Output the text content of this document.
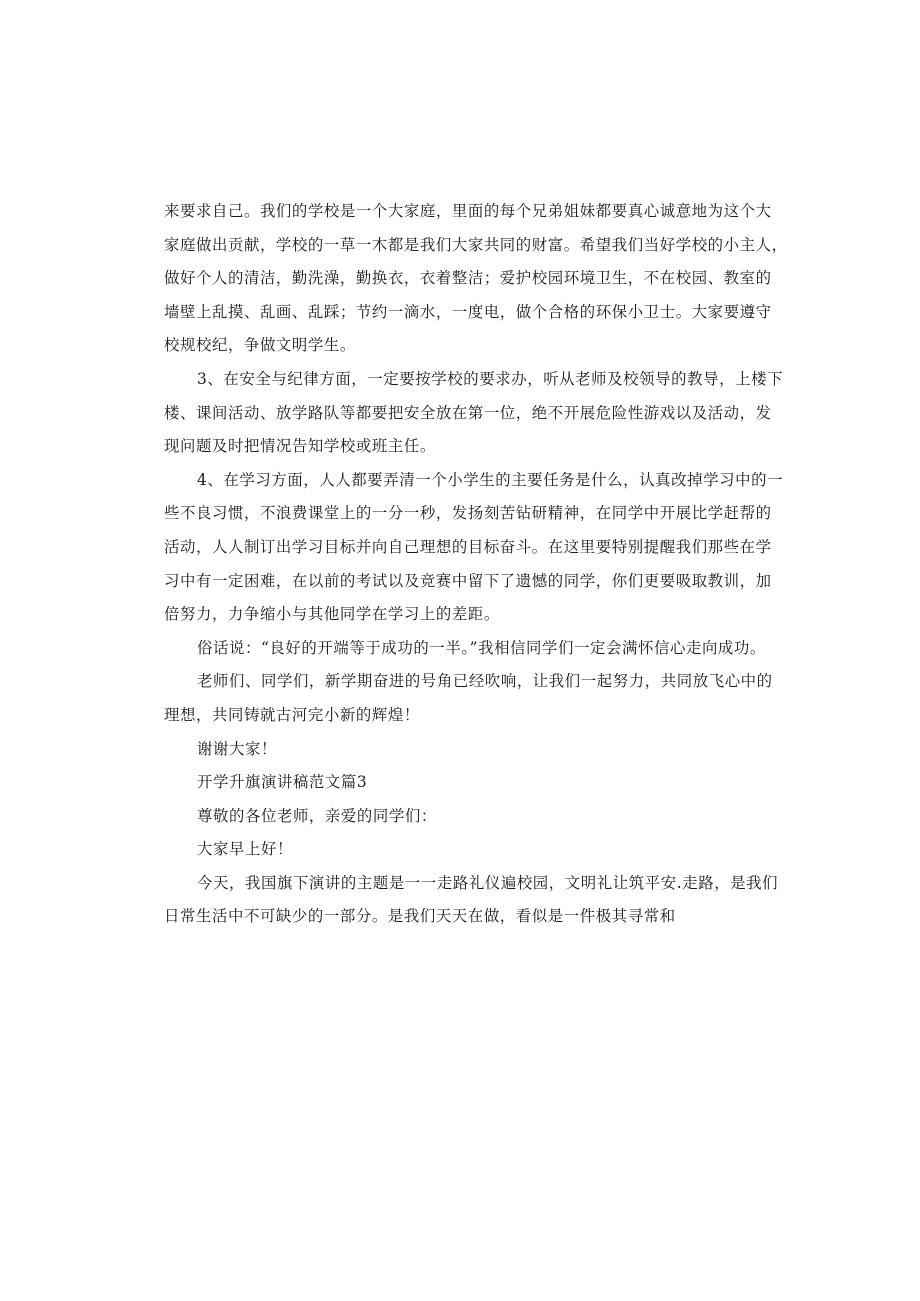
来要求自己。我们的学校是一个大家庭，里面的每个兄弟姐妹都要真心诚意地为这个大
家庭做出贡献，学校的一草一木都是我们大家共同的财富。希望我们当好学校的小主人，
做好个人的清洁，勤洗澡，勤换衣，衣着整洁；爱护校园环境卫生，不在校园、教室的
墙壁上乱摸、乱画、乱踩；节约一滴水，一度电，做个合格的环保小卫士。大家要遵守
校规校纪，争做文明学生。
3、在安全与纪律方面，一定要按学校的要求办，听从老师及校领导的教导，上楼下
楼、课间活动、放学路队等都要把安全放在第一位，绝不开展危险性游戏以及活动，发
现问题及时把情况告知学校或班主任。
4、在学习方面，人人都要弄清一个小学生的主要任务是什么，认真改掉学习中的一
些不良习惯，不浪费课堂上的一分一秒，发扬刻苦钻研精神，在同学中开展比学赶帮的
活动，人人制订出学习目标并向自己理想的目标奋斗。在这里要特别提醒我们那些在学
习中有一定困难，在以前的考试以及竞赛中留下了遗憾的同学，你们更要吸取教训，加
倍努力，力争缩小与其他同学在学习上的差距。
俗话说：“良好的开端等于成功的一半。”我相信同学们一定会满怀信心走向成功。
老师们、同学们，新学期奋进的号角已经吹响，让我们一起努力，共同放飞心中的
理想，共同铸就古河完小新的辉煌！
谢谢大家！
开学升旗演讲稿范文篇3
尊敬的各位老师，亲爱的同学们：
大家早上好！
今天，我国旗下演讲的主题是一一走路礼仪遍校园，文明礼让筑平安.走路，是我们
日常生活中不可缺少的一部分。是我们天天在做，看似是一件极其寻常和
